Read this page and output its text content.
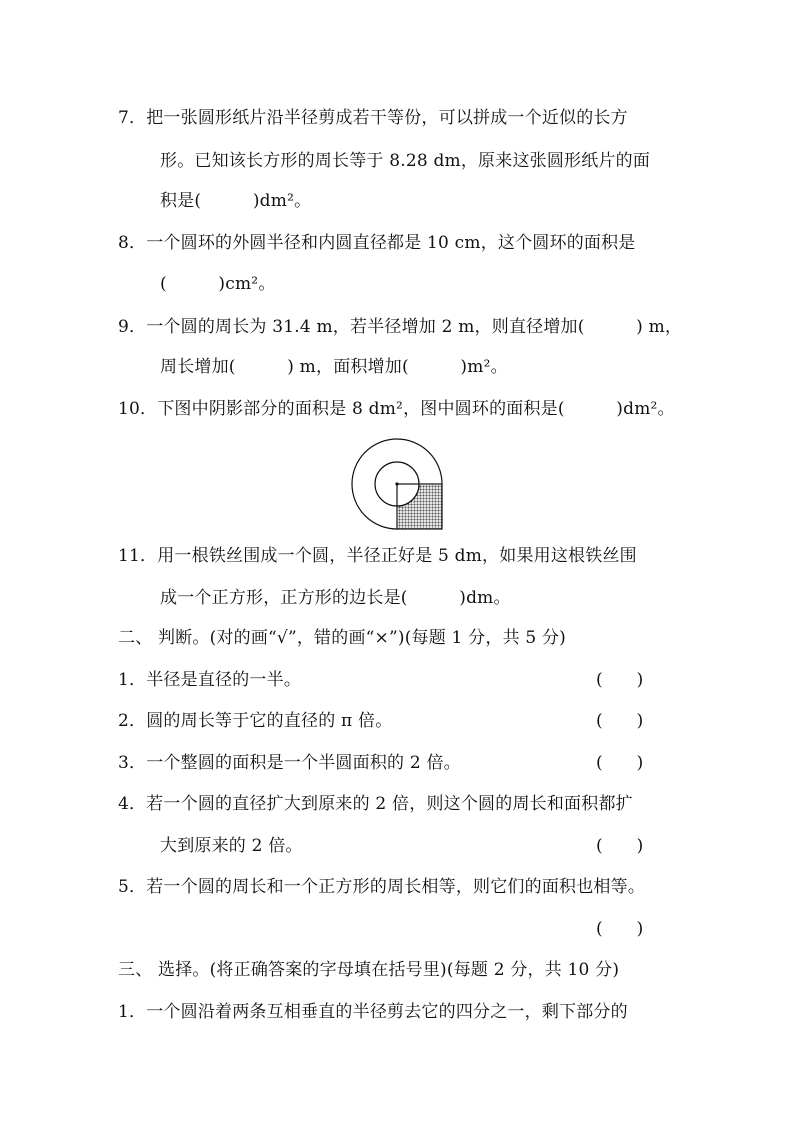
7．把一张圆形纸片沿半径剪成若干等份，可以拼成一个近似的长方
形。已知该长方形的周长等于 8.28 dm，原来这张圆形纸片的面
积是(　　　)dm²。
8．一个圆环的外圆半径和内圆直径都是 10 cm，这个圆环的面积是
(　　　)cm²。
9．一个圆的周长为 31.4 m，若半径增加 2 m，则直径增加(　　　) m，
周长增加(　　　) m，面积增加(　　　)m²。
10．下图中阴影部分的面积是 8 dm²，图中圆环的面积是(　　　)dm²。
11．用一根铁丝围成一个圆，半径正好是 5 dm，如果用这根铁丝围
成一个正方形，正方形的边长是(　　　)dm。
二、 判断。(对的画“√”，错的画“×”)(每题 1 分，共 5 分)
1．半径是直径的一半。	(　　)
2．圆的周长等于它的直径的 π 倍。	(　　)
3．一个整圆的面积是一个半圆面积的 2 倍。	(　　)
4．若一个圆的直径扩大到原来的 2 倍，则这个圆的周长和面积都扩
大到原来的 2 倍。	(　　)
5．若一个圆的周长和一个正方形的周长相等，则它们的面积也相等。
(　　)
三、 选择。(将正确答案的字母填在括号里)(每题 2 分，共 10 分)
1．一个圆沿着两条互相垂直的半径剪去它的四分之一，剩下部分的
